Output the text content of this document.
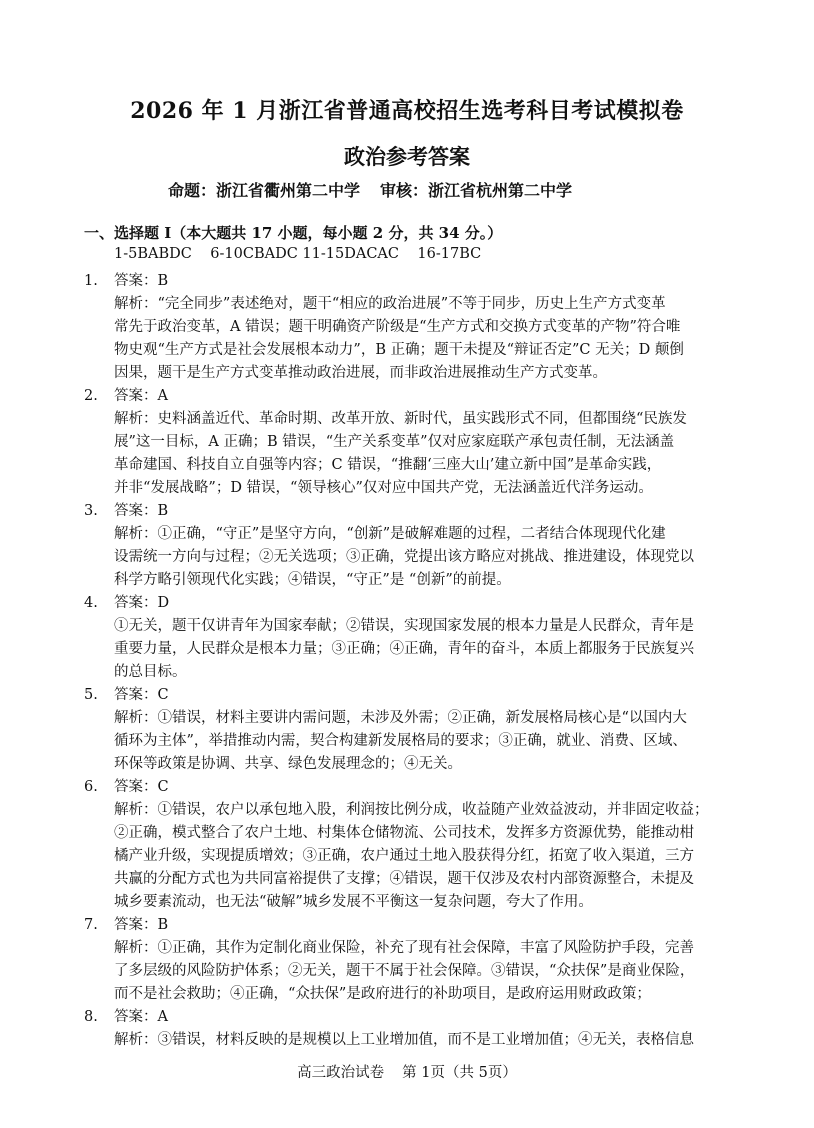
2026 年 1 月浙江省普通高校招生选考科目考试模拟卷
政治参考答案
命题：浙江省衢州第二中学 审核：浙江省杭州第二中学
一、选择题 I（本大题共 17 小题，每小题 2 分，共 34 分。）
1-5BABDC    6-10CBADC 11-15DACAC    16-17BC
1. 答案：B
解析：“完全同步”表述绝对，题干“相应的政治进展”不等于同步，历史上生产方式变革
常先于政治变革，A 错误；题干明确资产阶级是“生产方式和交换方式变革的产物”符合唯
物史观“生产方式是社会发展根本动力”，B 正确；题干未提及“辩证否定”C 无关；D 颠倒
因果，题干是生产方式变革推动政治进展，而非政治进展推动生产方式变革。
2. 答案：A
解析：史料涵盖近代、革命时期、改革开放、新时代，虽实践形式不同，但都围绕“民族发
展”这一目标，A 正确；B 错误，“生产关系变革”仅对应家庭联产承包责任制，无法涵盖
革命建国、科技自立自强等内容；C 错误，“推翻‘三座大山’建立新中国”是革命实践，
并非“发展战略”；D 错误，“领导核心”仅对应中国共产党，无法涵盖近代洋务运动。
3. 答案：B
解析：①正确，“守正”是坚守方向，“创新”是破解难题的过程，二者结合体现现代化建
设需统一方向与过程；②无关选项；③正确，党提出该方略应对挑战、推进建设，体现党以
科学方略引领现代化实践；④错误，“守正”是 “创新”的前提。
4. 答案：D
①无关，题干仅讲青年为国家奉献；②错误，实现国家发展的根本力量是人民群众，青年是
重要力量，人民群众是根本力量；③正确；④正确，青年的奋斗，本质上都服务于民族复兴
的总目标。
5. 答案：C
解析：①错误，材料主要讲内需问题，未涉及外需；②正确，新发展格局核心是“以国内大
循环为主体”，举措推动内需，契合构建新发展格局的要求；③正确，就业、消费、区域、
环保等政策是协调、共享、绿色发展理念的；④无关。
6. 答案：C
解析：①错误，农户以承包地入股，利润按比例分成，收益随产业效益波动，并非固定收益；
②正确，模式整合了农户土地、村集体仓储物流、公司技术，发挥多方资源优势，能推动柑
橘产业升级，实现提质增效；③正确，农户通过土地入股获得分红，拓宽了收入渠道，三方
共赢的分配方式也为共同富裕提供了支撑；④错误，题干仅涉及农村内部资源整合，未提及
城乡要素流动，也无法“破解”城乡发展不平衡这一复杂问题，夸大了作用。
7. 答案：B
解析：①正确，其作为定制化商业保险，补充了现有社会保障，丰富了风险防护手段，完善
了多层级的风险防护体系；②无关，题干不属于社会保障。③错误，“众扶保”是商业保险，
而不是社会救助；④正确，“众扶保”是政府进行的补助项目，是政府运用财政政策；
8. 答案：A
解析：③错误，材料反映的是规模以上工业增加值，而不是工业增加值；④无关，表格信息
高三政治试卷 第 1页（共 5页）
